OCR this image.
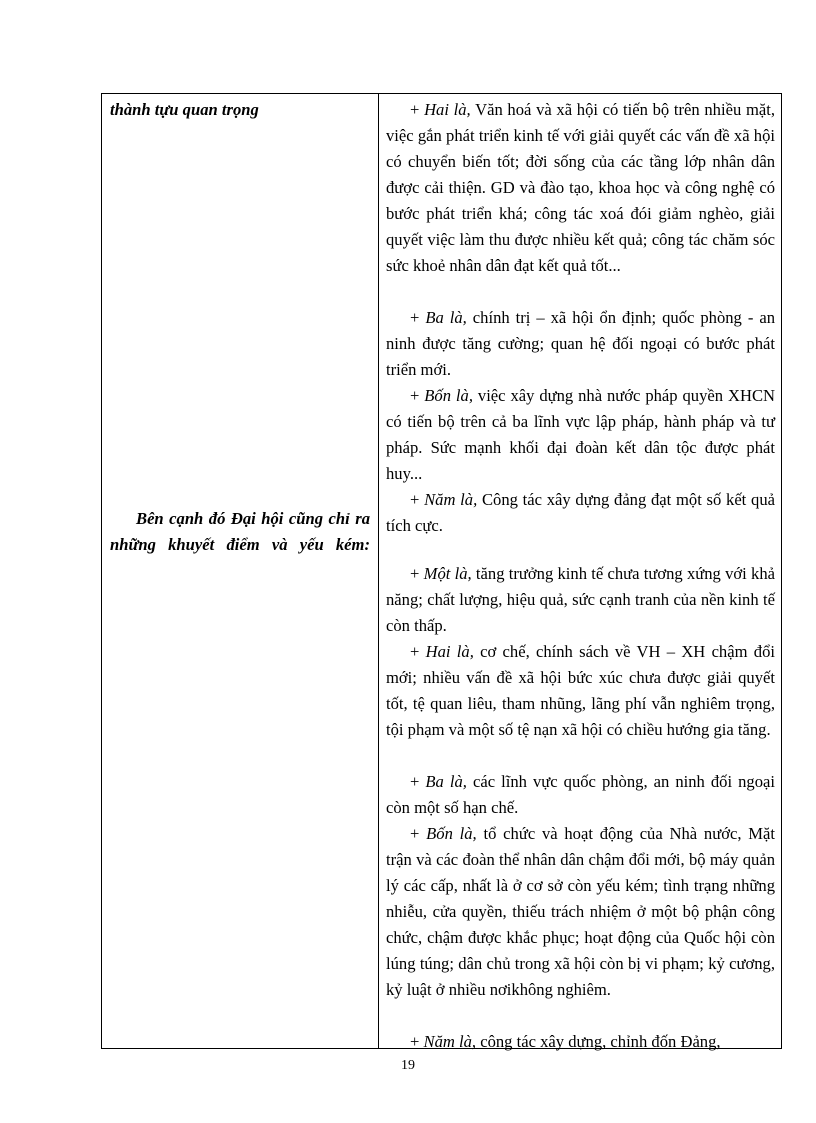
thành tựu quan trọng
Bên cạnh đó Đại hội cũng chỉ ra những khuyết điểm và yếu kém:

+ Hai là, Văn hoá và xã hội có tiến bộ trên nhiều mặt, việc gắn phát triển kinh tế với giải quyết các vấn đề xã hội có chuyển biến tốt; đời sống của các tầng lớp nhân dân được cải thiện. GD và đào tạo, khoa học và công nghệ có bước phát triển khá; công tác xoá đói giảm nghèo, giải quyết việc làm thu được nhiều kết quả; công tác chăm sóc sức khoẻ nhân dân đạt kết quả tốt...

+ Ba là, chính trị – xã hội ổn định; quốc phòng - an ninh được tăng cường; quan hệ đối ngoại có bước phát triển mới.

+ Bốn là, việc xây dựng nhà nước pháp quyền XHCN có tiến bộ trên cả ba lĩnh vực lập pháp, hành pháp và tư pháp. Sức mạnh khối đại đoàn kết dân tộc được phát huy...

+ Năm là, Công tác xây dựng đảng đạt một số kết quả tích cực.

+ Một là, tăng trưởng kinh tế chưa tương xứng với khả năng; chất lượng, hiệu quả, sức cạnh tranh của nền kinh tế còn thấp.

+ Hai là, cơ chế, chính sách về VH – XH chậm đổi mới; nhiều vấn đề xã hội bức xúc chưa được giải quyết tốt, tệ quan liêu, tham nhũng, lãng phí vẫn nghiêm trọng, tội phạm và một số tệ nạn xã hội có chiều hướng gia tăng.

+ Ba là, các lĩnh vực quốc phòng, an ninh đối ngoại còn một số hạn chế.

+ Bốn là, tổ chức và hoạt động của Nhà nước, Mặt trận và các đoàn thể nhân dân chậm đổi mới, bộ máy quản lý các cấp, nhất là ở cơ sở còn yếu kém; tình trạng những nhiễu, cửa quyền, thiếu trách nhiệm ở một bộ phận công chức, chậm được khắc phục; hoạt động của Quốc hội còn lúng túng; dân chủ trong xã hội còn bị vi phạm; kỷ cương, kỷ luật ở nhiều nơikhông nghiêm.

+ Năm là, công tác xây dựng, chỉnh đốn Đảng,

19
